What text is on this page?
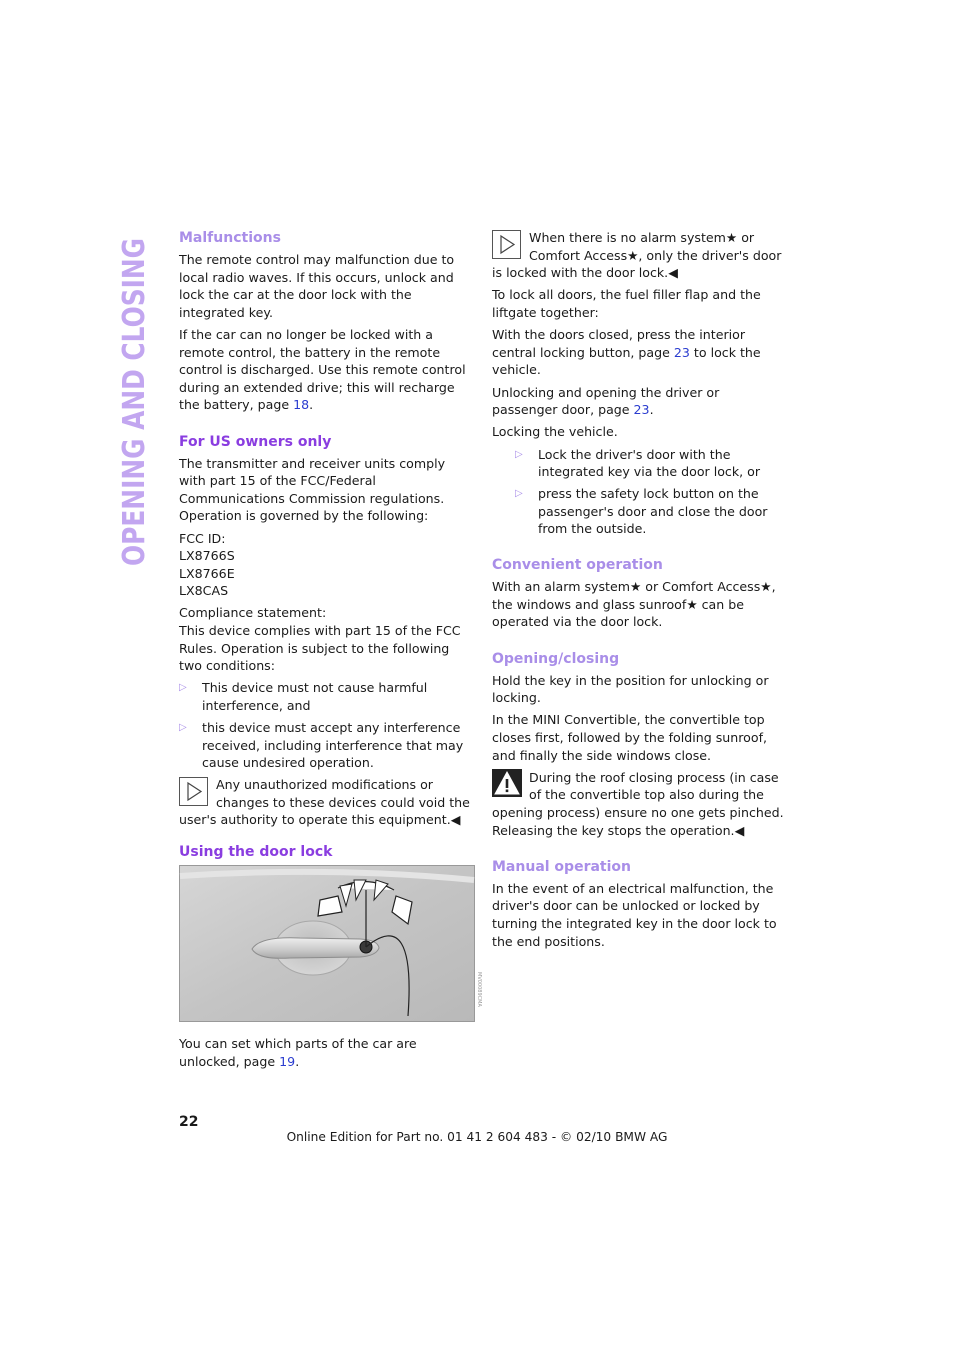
OPENING AND CLOSING Malfunctions

The remote control may malfunction due to local radio waves. If this occurs, unlock and lock the car at the door lock with the integrated key.

If the car can no longer be locked with a remote control, the battery in the remote control is discharged. Use this remote control during an extended drive; this will recharge the battery, page 18.

For US owners only

The transmitter and receiver units comply with part 15 of the FCC/Federal Communications Commission regulations. Operation is governed by the following:

FCC ID:
LX8766S
LX8766E
LX8CAS

Compliance statement:
This device complies with part 15 of the FCC Rules. Operation is subject to the following two conditions:

▷	This device must not cause harmful interference, and
▷	this device must accept any interference received, including interference that may cause undesired operation.
Any unauthorized modifications or changes to these devices could void the user's authority to operate this equipment.◀
Using the door lock
MV00089CMA

You can set which parts of the car are unlocked, page 19.

When there is no alarm system★ or Comfort Access★, only the driver's door is locked with the door lock.◀

To lock all doors, the fuel filler flap and the liftgate together:

With the doors closed, press the interior central locking button, page 23 to lock the vehicle.

Unlocking and opening the driver or passenger door, page 23.

Locking the vehicle.

▷	Lock the driver's door with the integrated key via the door lock, or
▷	press the safety lock button on the passenger's door and close the door from the outside.
Convenient operation

With an alarm system★ or Comfort Access★, the windows and glass sunroof★ can be operated via the door lock.

Opening/closing

Hold the key in the position for unlocking or locking.

In the MINI Convertible, the convertible top closes first, followed by the folding sunroof, and finally the side windows close.

During the roof closing process (in case of the convertible top also during the opening process) ensure no one gets pinched. Releasing the key stops the operation.◀
Manual operation

In the event of an electrical malfunction, the driver's door can be unlocked or locked by turning the integrated key in the door lock to the end positions.

22
Online Edition for Part no. 01 41 2 604 483 - © 02/10 BMW AG
